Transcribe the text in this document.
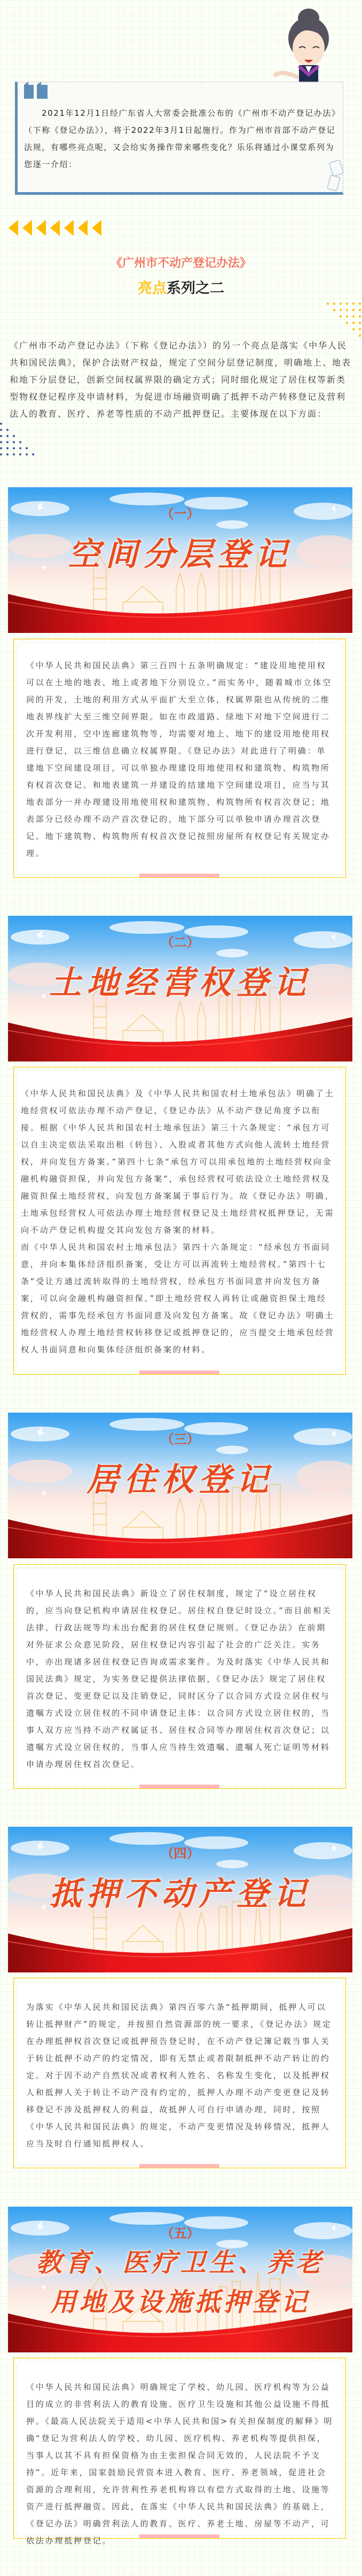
2021年12月1日经广东省人大常委会批准公布的《广州市不动产登记办法》（下称《登记办法》），将于2022年3月1日起施行。作为广州市首部不动产登记法规，有哪些亮点呢，又会给实务操作带来哪些变化？乐乐将通过小课堂系列为您逐一介绍：
《广州市不动产登记办法》
亮点系列之二
《广州市不动产登记办法》（下称《登记办法》）的另一个亮点是落实《中华人民共和国民法典》，保护合法财产权益，规定了空间分层登记制度，明确地上、地表和地下分层登记，创新空间权属界限的确定方式；同时细化规定了居住权等新类型物权登记程序及申请材料，为促进市场融资明确了抵押不动产转移登记及营利法人的教育、医疗、养老等性质的不动产抵押登记。主要体现在以下方面：
（一）
空间分层登记

《中华人民共和国民法典》第三百四十五条明确规定：“建设用地使用权可以在土地的地表、地上或者地下分别设立。”而实务中，随着城市立体空间的开发，土地的利用方式从平面扩大至立体，权属界限也从传统的二维地表界线扩大至三维空间界限。如在市政道路、绿地下对地下空间进行二次开发利用，空中连廊建筑物等，均需要对地上、地下的建设用地使用权进行登记，以三维信息确立权属界限。《登记办法》对此进行了明确：单建地下空间建设项目，可以单独办理建设用地使用权和建筑物、构筑物所有权首次登记。和地表建筑一并建设的结建地下空间建设项目，应当与其地表部分一并办理建设用地使用权和建筑物、构筑物所有权首次登记；地表部分已经办理不动产首次登记的，地下部分可以单独申请办理首次登记。地下建筑物、构筑物所有权首次登记按照房屋所有权登记有关规定办理。

（二）
土地经营权登记

《中华人民共和国民法典》及《中华人民共和国农村土地承包法》明确了土地经营权可依法办理不动产登记，《登记办法》从不动产登记角度予以衔接。根据《中华人民共和国农村土地承包法》第三十六条规定：“承包方可以自主决定依法采取出租（转包）、入股或者其他方式向他人流转土地经营权，并向发包方备案。”第四十七条“承包方可以用承包地的土地经营权向金融机构融资担保，并向发包方备案”，承包经营权可依法设立土地经营权及融资担保土地经营权，向发包方备案属于事后行为。故《登记办法》明确，土地承包经营权人可依法办理土地经营权登记及土地经营权抵押登记，无需向不动产登记机构提交其向发包方备案的材料。

而《中华人民共和国农村土地承包法》第四十六条规定：“经承包方书面同意，并向本集体经济组织备案，受让方可以再流转土地经营权。”第四十七条“受让方通过流转取得的土地经营权，经承包方书面同意并向发包方备案，可以向金融机构融资担保。”即土地经营权人再转让或融资担保土地经营权的，需事先经承包方书面同意及向发包方备案。故《登记办法》明确土地经营权人办理土地经营权转移登记或抵押登记的，应当提交土地承包经营权人书面同意和向集体经济组织备案的材料。

（三）
居住权登记

《中华人民共和国民法典》新设立了居住权制度，规定了“设立居住权的，应当向登记机构申请居住权登记。居住权自登记时设立。”而目前相关法律、行政法规等均未出台配套的居住权登记规则。《登记办法》在前期对外征求公众意见阶段，居住权登记内容引起了社会的广泛关注。实务中，亦出现诸多居住权登记咨询或需求案件。为及时落实《中华人民共和国民法典》规定，为实务登记提供法律依据，《登记办法》规定了居住权首次登记、变更登记以及注销登记，同时区分了以合同方式设立居住权与遗嘱方式设立居住权的不同申请登记主体：以合同方式设立居住权的，当事人双方应当持不动产权属证书、居住权合同等办理居住权首次登记；以遗嘱方式设立居住权的，当事人应当持生效遗嘱、遗嘱人死亡证明等材料申请办理居住权首次登记。

（四）
抵押不动产登记

为落实《中华人民共和国民法典》第四百零六条“抵押期间，抵押人可以转让抵押财产”的规定，并按照自然资源部的统一要求，《登记办法》规定在办理抵押权首次登记或抵押预告登记时，在不动产登记簿记载当事人关于转让抵押不动产的约定情况，即有无禁止或者限制抵押不动产转让的约定。对于因不动产自然状况或者权利人姓名、名称发生变化，以及抵押权人和抵押人关于转让不动产没有约定的，抵押人办理不动产变更登记及转移登记不涉及抵押权人的利益，故抵押人可自行申请办理，同时，按照《中华人民共和国民法典》的规定，不动产变更情况及转移情况，抵押人应当及时自行通知抵押权人。

（五）
教育、医疗卫生、养老
用地及设施抵押登记

《中华人民共和国民法典》明确规定了学校、幼儿园、医疗机构等为公益目的成立的非营利法人的教育设施、医疗卫生设施和其他公益设施不得抵押。《最高人民法院关于适用<中华人民共和国>有关担保制度的解释》明确“登记为营利法人的学校、幼儿园、医疗机构、养老机构等提供担保，当事人以其不具有担保资格为由主张担保合同无效的，人民法院不予支持”。近年来，国家鼓励民营资本进入教育、医疗、养老领域，促进社会资源的合理利用，允许营利性养老机构将以有偿方式取得的土地、设施等资产进行抵押融资。因此，在落实《中华人民共和国民法典》的基础上，《登记办法》明确营利法人的教育、医疗、养老土地、房屋等不动产，可依法办理抵押登记。
